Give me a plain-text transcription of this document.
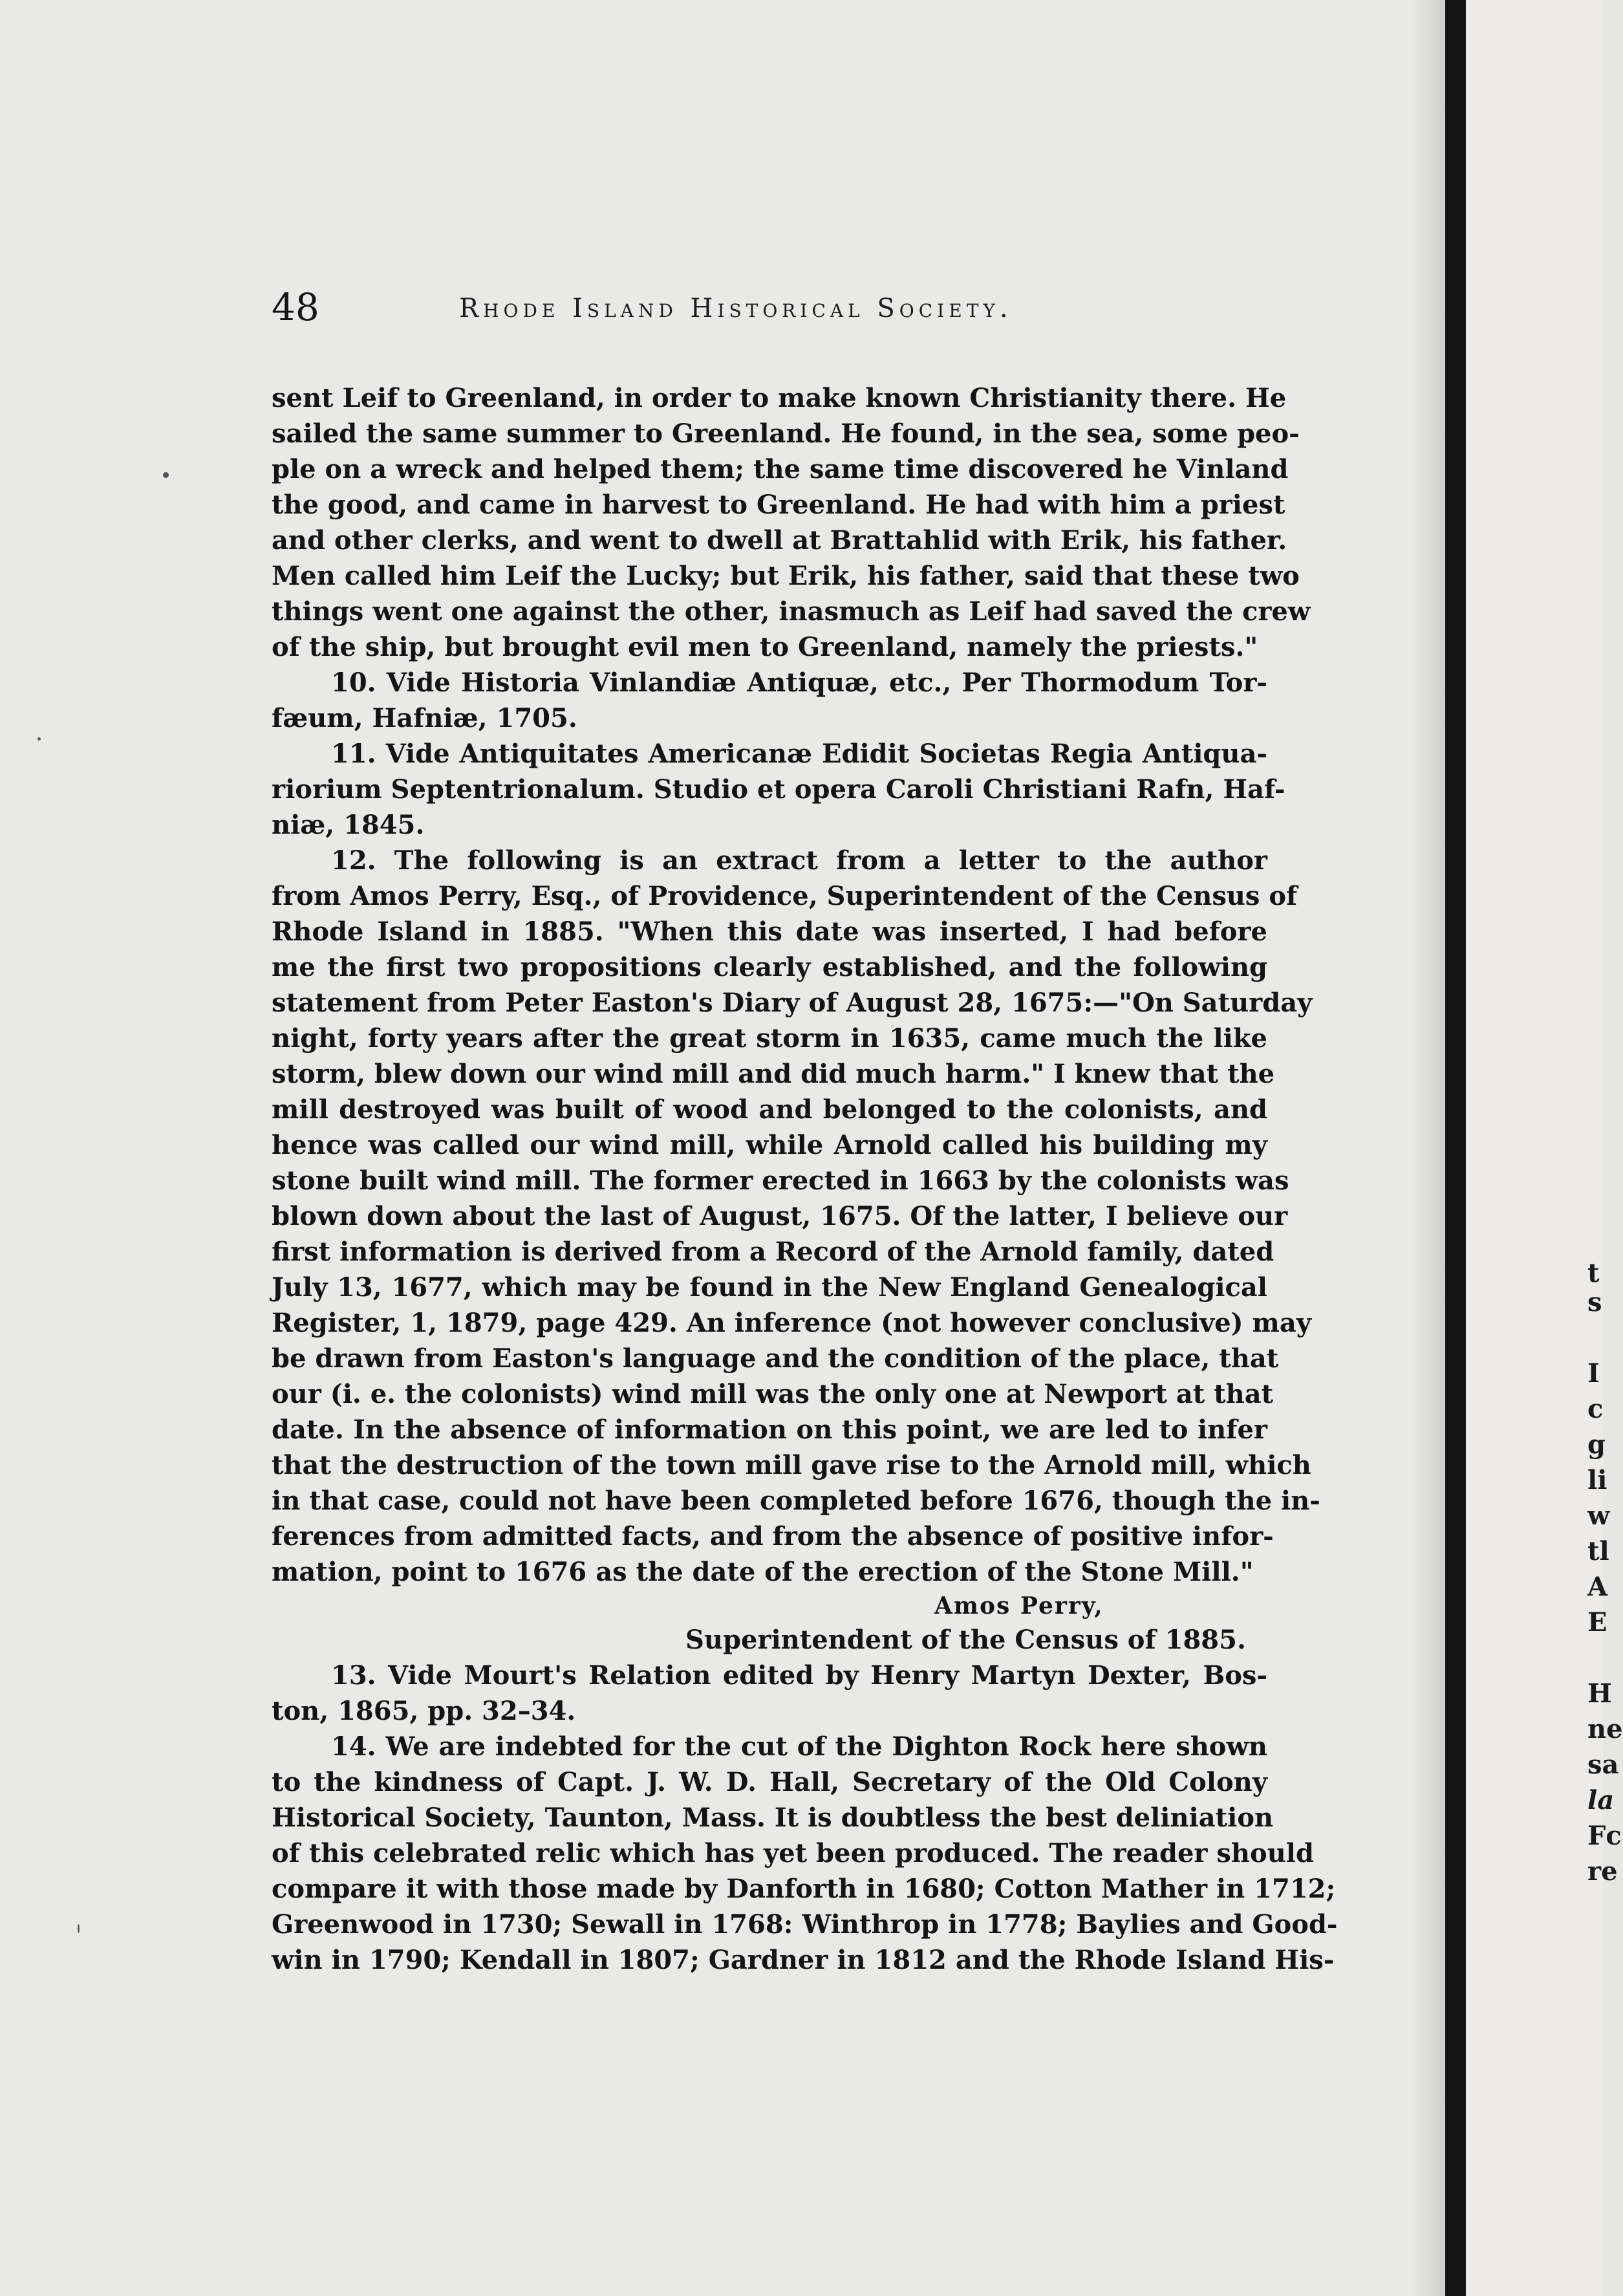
48	Rhode Island Historical Society.
sent Leif to Greenland, in order to make known Christianity there. He
sailed the same summer to Greenland. He found, in the sea, some peo-
ple on a wreck and helped them; the same time discovered he Vinland
the good, and came in harvest to Greenland. He had with him a priest
and other clerks, and went to dwell at Brattahlid with Erik, his father.
Men called him Leif the Lucky; but Erik, his father, said that these two
things went one against the other, inasmuch as Leif had saved the crew
of the ship, but brought evil men to Greenland, namely the priests."
10. Vide Historia Vinlandiæ Antiquæ, etc., Per Thormodum Tor-
fæum, Hafniæ, 1705.
11. Vide Antiquitates Americanæ Edidit Societas Regia Antiqua-
riorium Septentrionalum. Studio et opera Caroli Christiani Rafn, Haf-
niæ, 1845.
12. The following is an extract from a letter to the author
from Amos Perry, Esq., of Providence, Superintendent of the Census of
Rhode Island in 1885. "When this date was inserted, I had before
me the first two propositions clearly established, and the following
statement from Peter Easton's Diary of August 28, 1675:—"On Saturday
night, forty years after the great storm in 1635, came much the like
storm, blew down our wind mill and did much harm." I knew that the
mill destroyed was built of wood and belonged to the colonists, and
hence was called our wind mill, while Arnold called his building my
stone built wind mill. The former erected in 1663 by the colonists was
blown down about the last of August, 1675. Of the latter, I believe our
first information is derived from a Record of the Arnold family, dated
July 13, 1677, which may be found in the New England Genealogical
Register, 1, 1879, page 429. An inference (not however conclusive) may
be drawn from Easton's language and the condition of the place, that
our (i. e. the colonists) wind mill was the only one at Newport at that
date. In the absence of information on this point, we are led to infer
that the destruction of the town mill gave rise to the Arnold mill, which
in that case, could not have been completed before 1676, though the in-
ferences from admitted facts, and from the absence of positive infor-
mation, point to 1676 as the date of the erection of the Stone Mill."
Amos Perry,
Superintendent of the Census of 1885.
13. Vide Mourt's Relation edited by Henry Martyn Dexter, Bos-
ton, 1865, pp. 32–34.
14. We are indebted for the cut of the Dighton Rock here shown
to the kindness of Capt. J. W. D. Hall, Secretary of the Old Colony
Historical Society, Taunton, Mass. It is doubtless the best deliniation
of this celebrated relic which has yet been produced. The reader should
compare it with those made by Danforth in 1680; Cotton Mather in 1712;
Greenwood in 1730; Sewall in 1768: Winthrop in 1778; Baylies and Good-
win in 1790; Kendall in 1807; Gardner in 1812 and the Rhode Island His-
t
s
I
c
g
li
w
tl
A
E
H
ne
sa
la
Fc
re
